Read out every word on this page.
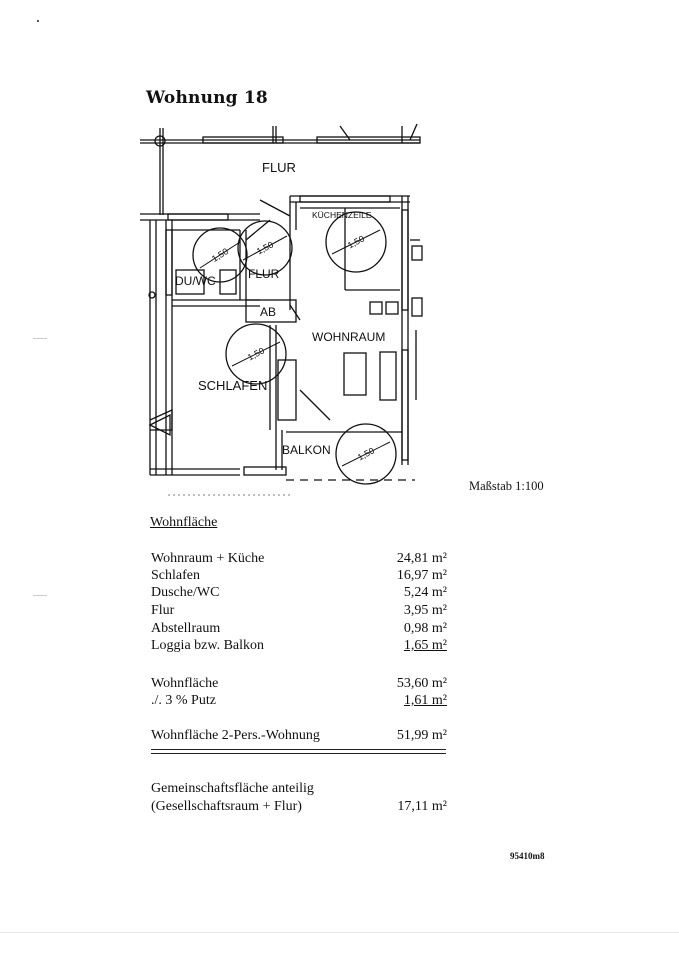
Wohnung 18
1,50	1,50	1,50
1,50
1,50
FLUR
KÜCHENZEILE
DU/WC	FLUR
AB
WOHNRAUM
SCHLAFEN
BALKON
Maßstab 1:100
Wohnfläche
Wohnraum + Küche	24,81 m²
Schlafen	16,97 m²
Dusche/WC	5,24 m²
Flur	3,95 m²
Abstellraum	0,98 m²
Loggia bzw. Balkon	1,65 m²
Wohnfläche	53,60 m²
./. 3 % Putz	1,61 m²
Wohnfläche 2-Pers.-Wohnung	51,99 m²
Gemeinschaftsfläche anteilig
(Gesellschaftsraum + Flur)	17,11 m²
95410m8
